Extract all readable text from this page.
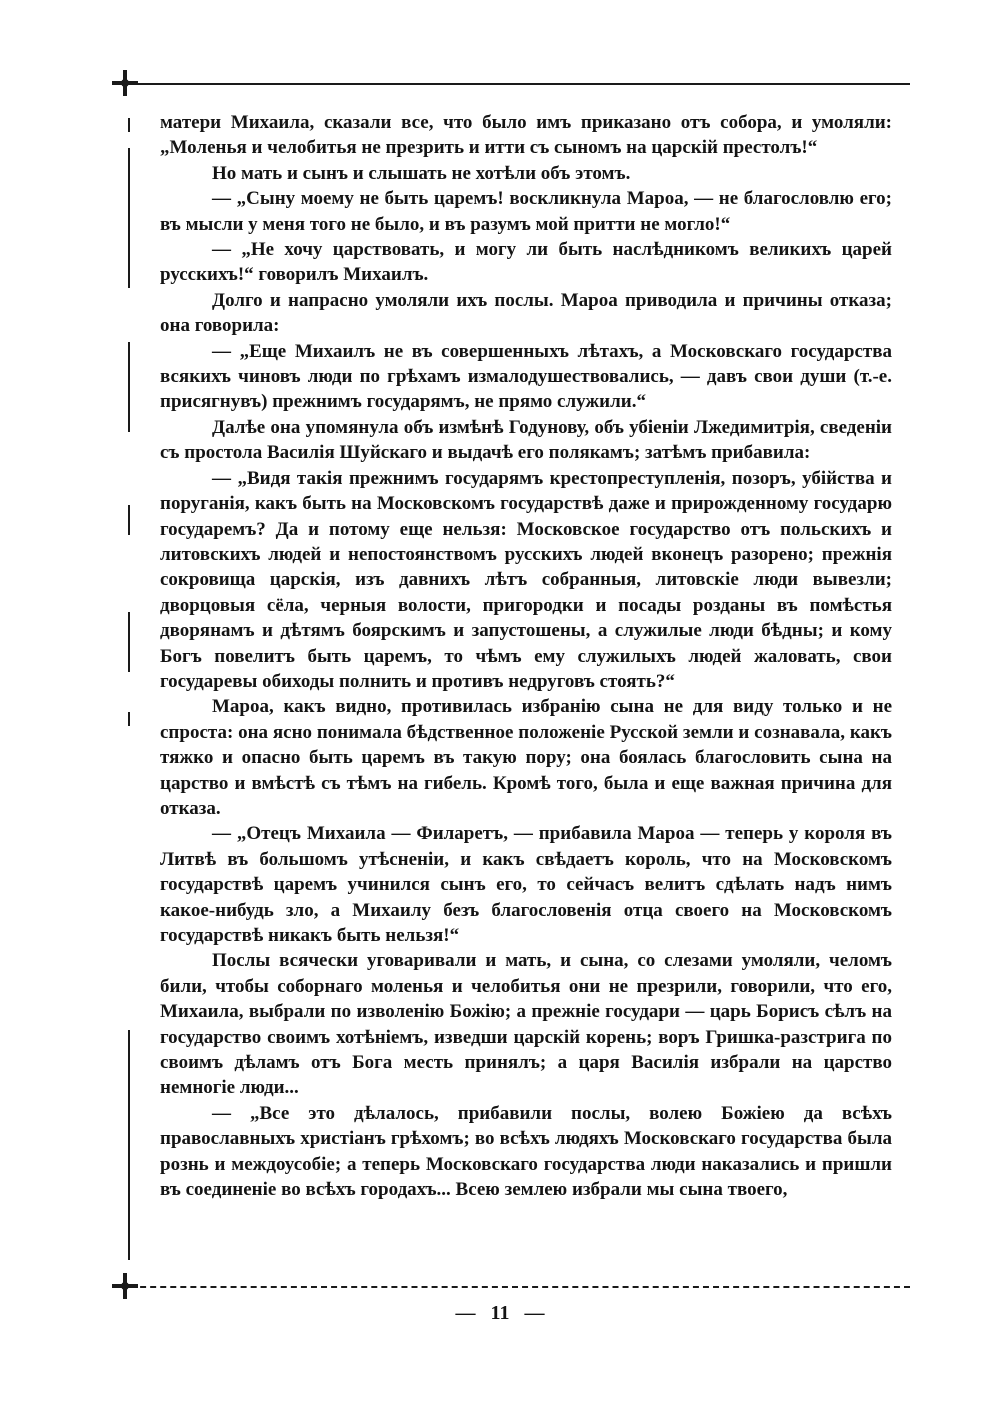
матери Михаила, сказали все, что было имъ приказано отъ собора, и умоляли: „Моленья и челобитья не презрить и итти съ сыномъ на царскій престолъ!“

Но мать и сынъ и слышать не хотѣли объ этомъ.

— „Сыну моему не быть царемъ! воскликнула Мароа, — не благословлю его; въ мысли у меня того не было, и въ разумъ мой притти не могло!“

— „Не хочу царствовать, и могу ли быть наслѣдникомъ великихъ царей русскихъ!“ говорилъ Михаилъ.

Долго и напрасно умоляли ихъ послы. Мароа приводила и причины отказа; она говорила:

— „Еще Михаилъ не въ совершенныхъ лѣтахъ, а Московскаго государства всякихъ чиновъ люди по грѣхамъ измалодушествовались, — давъ свои души (т.-е. присягнувъ) прежнимъ государямъ, не прямо служили.“

Далѣе она упомянула объ измѣнѣ Годунову, объ убіеніи Лжедимитрія, сведеніи съ простола Василія Шуйскаго и выдачѣ его полякамъ; затѣмъ прибавила:

— „Видя такія прежнимъ государямъ крестопреступленія, позоръ, убійства и поруганія, какъ быть на Московскомъ государствѣ даже и прирожденному государю государемъ? Да и потому еще нельзя: Московское государство отъ польскихъ и литовскихъ людей и непостоянствомъ русскихъ людей вконецъ разорено; прежнія сокровища царскія, изъ давнихъ лѣтъ собранныя, литовскіе люди вывезли; дворцовыя сёла, черныя волости, пригородки и посады розданы въ помѣстья дворянамъ и дѣтямъ боярскимъ и запустошены, а служилые люди бѣдны; и кому Богъ повелитъ быть царемъ, то чѣмъ ему служилыхъ людей жаловать, свои государевы обиходы полнить и противъ недруговъ стоять?“

Мароа, какъ видно, противилась избранію сына не для виду только и не спроста: она ясно понимала бѣдственное положеніе Русской земли и сознавала, какъ тяжко и опасно быть царемъ въ такую пору; она боялась благословить сына на царство и вмѣстѣ съ тѣмъ на гибель. Кромѣ того, была и еще важная причина для отказа.

— „Отецъ Михаила — Филаретъ, — прибавила Мароа — теперь у короля въ Литвѣ въ большомъ утѣсненіи, и какъ свѣдаетъ король, что на Московскомъ государствѣ царемъ учинился сынъ его, то сейчасъ велитъ сдѣлать надъ нимъ какое-нибудь зло, а Михаилу безъ благословенія отца своего на Московскомъ государствѣ никакъ быть нельзя!“

Послы всячески уговаривали и мать, и сына, со слезами умоляли, челомъ били, чтобы соборнаго моленья и челобитья они не презрили, говорили, что его, Михаила, выбрали по изволенію Божію; а прежніе государи — царь Борисъ сѣлъ на государство своимъ хотѣніемъ, изведши царскій корень; воръ Гришка-разстрига по своимъ дѣламъ отъ Бога месть принялъ; а царя Василія избрали на царство немногіе люди...

— „Все это дѣлалось, прибавили послы, волею Божіею да всѣхъ православныхъ христіанъ грѣхомъ; во всѣхъ людяхъ Московскаго государства была рознь и междоусобіе; а теперь Московскаго государства люди наказались и пришли въ соединеніе во всѣхъ городахъ... Всею землею избрали мы сына твоего,

— 11 —
